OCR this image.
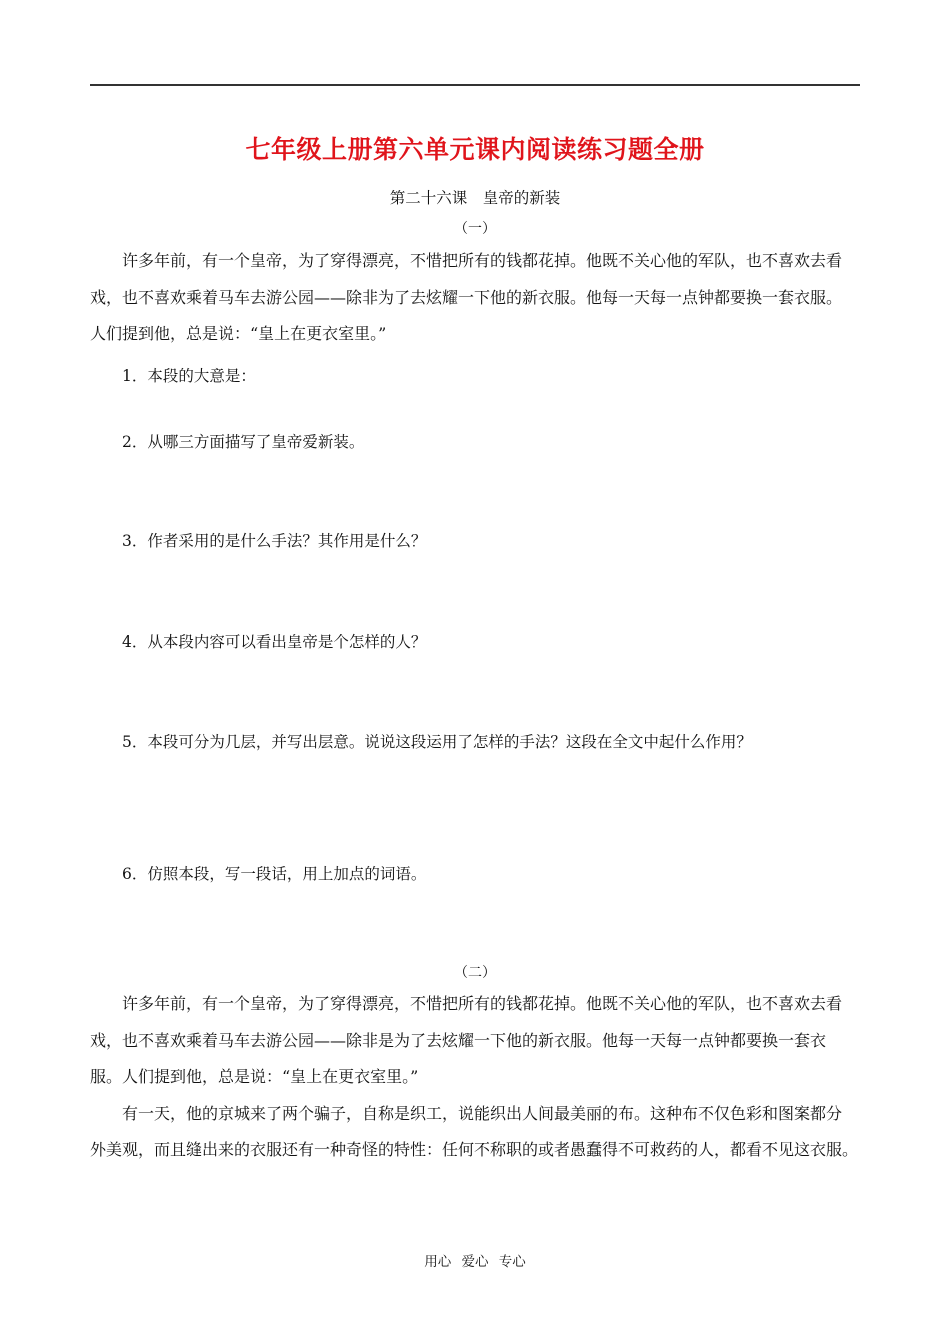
七年级上册第六单元课内阅读练习题全册
第二十六课　皇帝的新装
（一）
许多年前，有一个皇帝，为了穿得漂亮，不惜把所有的钱都花掉。他既不关心他的军队，也不喜欢去看
戏，也不喜欢乘着马车去游公园——除非为了去炫耀一下他的新衣服。他每一天每一点钟都要换一套衣服。
人们提到他，总是说：“皇上在更衣室里。”
1．本段的大意是：
2．从哪三方面描写了皇帝爱新装。
3．作者采用的是什么手法？其作用是什么？
4．从本段内容可以看出皇帝是个怎样的人？
5．本段可分为几层，并写出层意。说说这段运用了怎样的手法？这段在全文中起什么作用？
6．仿照本段，写一段话，用上加点的词语。
（二）
许多年前，有一个皇帝，为了穿得漂亮，不惜把所有的钱都花掉。他既不关心他的军队，也不喜欢去看
戏，也不喜欢乘着马车去游公园——除非是为了去炫耀一下他的新衣服。他每一天每一点钟都要换一套衣
服。人们提到他，总是说：“皇上在更衣室里。”
有一天，他的京城来了两个骗子，自称是织工，说能织出人间最美丽的布。这种布不仅色彩和图案都分
外美观，而且缝出来的衣服还有一种奇怪的特性：任何不称职的或者愚蠢得不可救药的人，都看不见这衣服。
用心 爱心 专心
